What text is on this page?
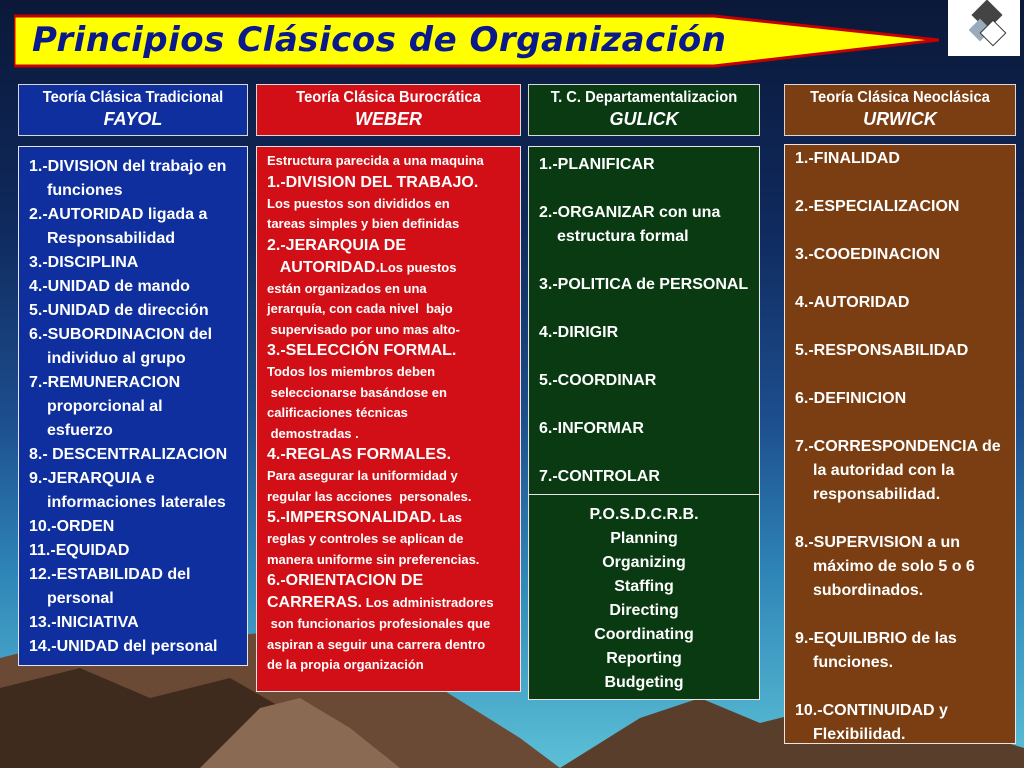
Principios Clásicos de Organización
Teoría Clásica Tradicional
FAYOL
Teoría Clásica Burocrática
WEBER
T. C. Departamentalizacion
GULICK
Teoría Clásica Neoclásica
URWICK
1.-DIVISION del trabajo en
funciones
2.-AUTORIDAD ligada a
Responsabilidad
3.-DISCIPLINA
4.-UNIDAD de mando
5.-UNIDAD de dirección
6.-SUBORDINACION del
individuo al grupo
7.-REMUNERACION
proporcional al
esfuerzo
8.- DESCENTRALIZACION
9.-JERARQUIA e
informaciones laterales
10.-ORDEN
11.-EQUIDAD
12.-ESTABILIDAD del
personal
13.-INICIATIVA
14.-UNIDAD del personal
Estructura parecida a una maquina
1.-DIVISION DEL TRABAJO.
Los puestos son divididos en
tareas simples y bien definidas
2.-JERARQUIA DE
AUTORIDAD.Los puestos
están organizados en una
jerarquía, con cada nivel  bajo
supervisado por uno mas alto-
3.-SELECCIÓN FORMAL.
Todos los miembros deben
seleccionarse basándose en
calificaciones técnicas
demostradas .
4.-REGLAS FORMALES.
Para asegurar la uniformidad y
regular las acciones  personales.
5.-IMPERSONALIDAD. Las
reglas y controles se aplican de
manera uniforme sin preferencias.
6.-ORIENTACION DE
CARRERAS. Los administradores
son funcionarios profesionales que
aspiran a seguir una carrera dentro
de la propia organización
1.-PLANIFICAR

2.-ORGANIZAR con una
estructura formal

3.-POLITICA de PERSONAL

4.-DIRIGIR

5.-COORDINAR

6.-INFORMAR

7.-CONTROLAR
P.O.S.D.C.R.B.
Planning
Organizing
Staffing
Directing
Coordinating
Reporting
Budgeting
1.-FINALIDAD

2.-ESPECIALIZACION

3.-COOEDINACION

4.-AUTORIDAD

5.-RESPONSABILIDAD

6.-DEFINICION

7.-CORRESPONDENCIA de
la autoridad con la
responsabilidad.

8.-SUPERVISION a un
máximo de solo 5 o 6
subordinados.

9.-EQUILIBRIO de las
funciones.

10.-CONTINUIDAD y
Flexibilidad.
